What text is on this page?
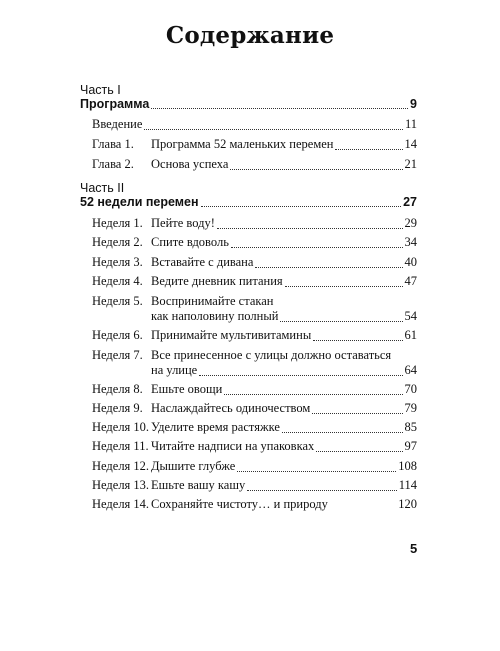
Содержание
Часть I
Программа	9
Введение	11
Глава 1.	Программа 52 маленьких перемен	14
Глава 2.	Основа успеха	21
Часть II
52 недели перемен	27
Неделя 1. Пейте воду!	29
Неделя 2. Спите вдоволь	34
Неделя 3. Вставайте с дивана	40
Неделя 4. Ведите дневник питания	47
Неделя 5. Воспринимайте стакан
как наполовину полный	54
Неделя 6. Принимайте мультивитамины	61
Неделя 7. Все принесенное с улицы должно оставаться
на улице	64
Неделя 8. Ешьте овощи	70
Неделя 9. Наслаждайтесь одиночеством	79
Неделя 10. Уделите время растяжке	85
Неделя 11. Читайте надписи на упаковках	97
Неделя 12. Дышите глубже	108
Неделя 13. Ешьте вашу кашу	114
Неделя 14. Сохраняйте чистоту… и природу	120
5
